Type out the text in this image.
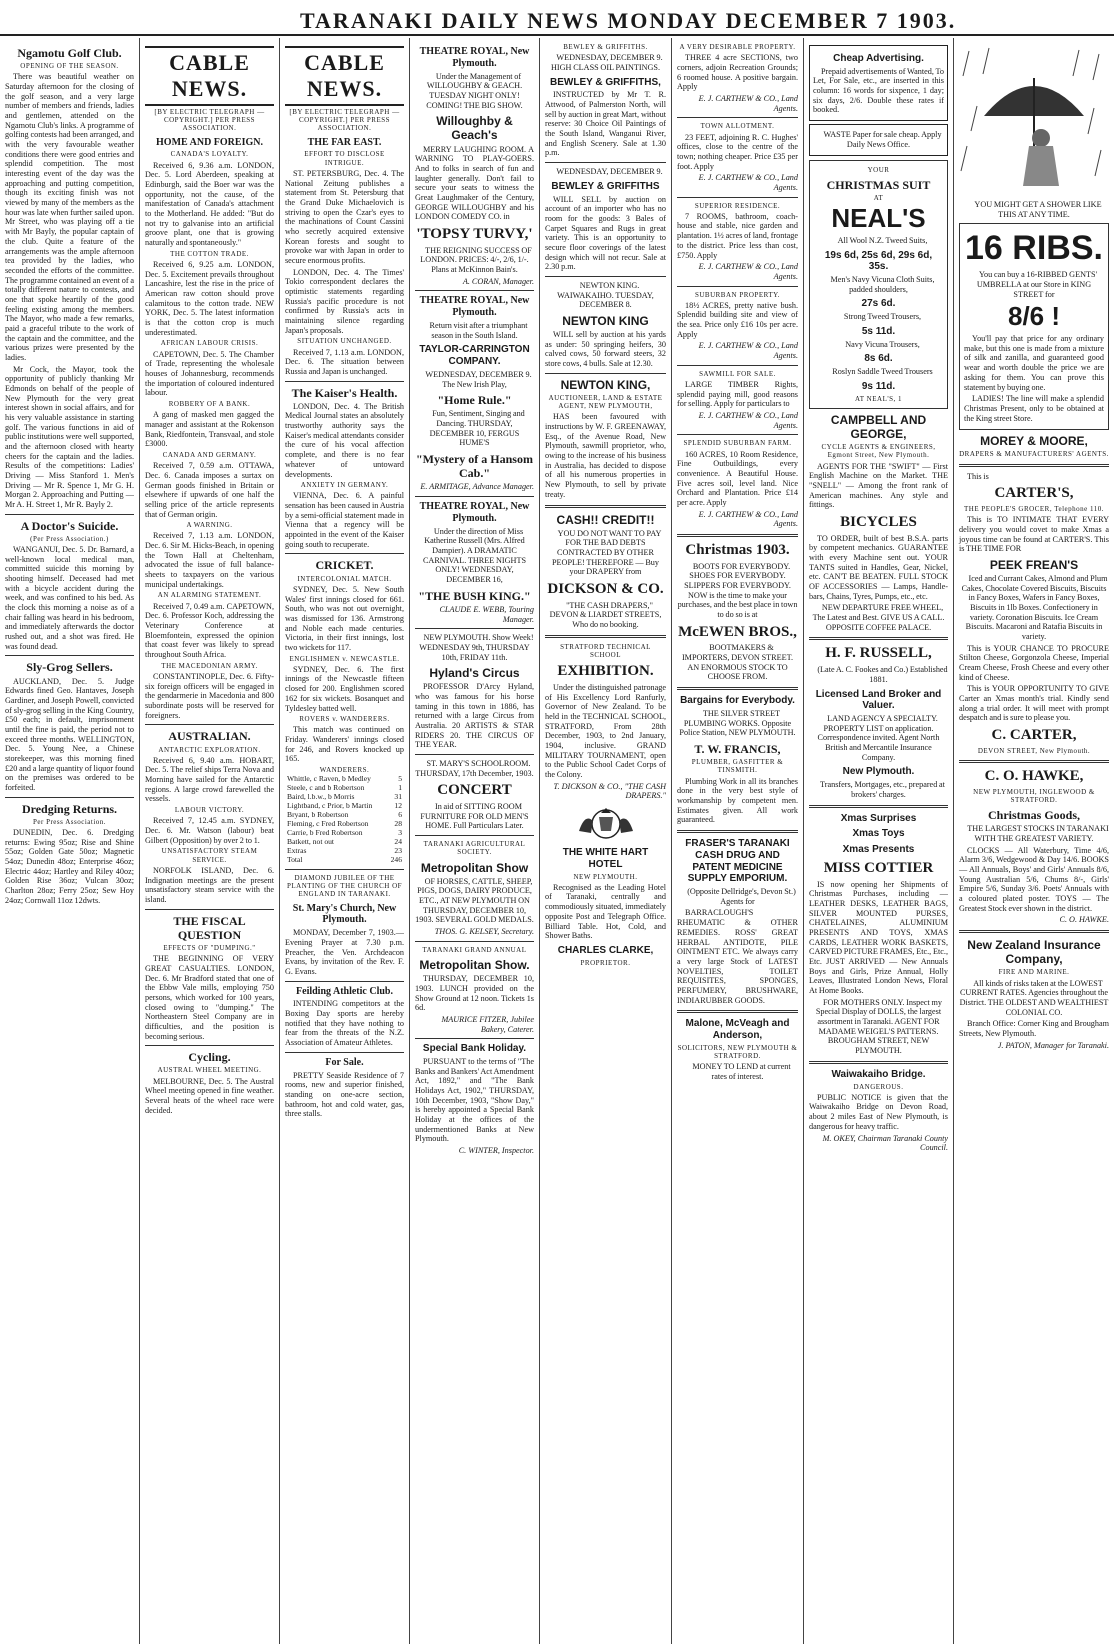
TARANAKI DAILY NEWS MONDAY DECEMBER 7 1903.
Ngamotu Golf Club.
OPENING OF THE SEASON.
There was beautiful weather on Saturday afternoon for the closing of the golf season, and a very large number of members and friends, ladies and gentlemen, attended on the Ngamotu Club's links. A programme of golfing contests had been arranged, and with the very favourable weather conditions there were good entries and splendid competition. The most interesting event of the day was the approaching and putting competition, though its exciting finish was not viewed by many of the members as the hour was late when further sailed upon. Mr Street, who was playing off a tie with Mr Bayly, the popular captain of the club. Quite a feature of the arrangements was the ample afternoon tea provided by the ladies, who seconded the efforts of the committee. The programme contained an event of a totally different nature to contests, and one that spoke heartily of the good feeling existing among the members. The Mayor, who made a few remarks, paid a graceful tribute to the work of the captain and the committee, and the various prizes were presented by the ladies.
Mr Cock, the Mayor, took the opportunity of publicly thanking Mr Edmonds on behalf of the people of New Plymouth for the very great interest shown in social affairs, and for his very valuable assistance in starting golf. The various functions in aid of public institutions were well supported, and the afternoon closed with hearty cheers for the captain and the ladies. Results of the competitions: Ladies' Driving — Miss Stanford 1. Men's Driving — Mr R. Spence 1, Mr G. H. Morgan 2. Approaching and Putting — Mr A. H. Street 1, Mr R. Bayly 2.
A Doctor's Suicide.
(Per Press Association.)
WANGANUI, Dec. 5. Dr. Barnard, a well-known local medical man, committed suicide this morning by shooting himself. Deceased had met with a bicycle accident during the week, and was confined to his bed. As the clock this morning a noise as of a chair falling was heard in his bedroom, and immediately afterwards the doctor rushed out, and a shot was fired. He was found dead.
Sly-Grog Sellers.
AUCKLAND, Dec. 5. Judge Edwards fined Geo. Hantaves, Joseph Gardiner, and Joseph Powell, convicted of sly-grog selling in the King Country, £50 each; in default, imprisonment until the fine is paid, the period not to exceed three months. WELLINGTON, Dec. 5. Young Nee, a Chinese storekeeper, was this morning fined £20 and a large quantity of liquor found on the premises was ordered to be forfeited.
Dredging Returns.
Per Press Association.
DUNEDIN, Dec. 6. Dredging returns: Ewing 95oz; Rise and Shine 55oz; Golden Gate 50oz; Magnetic 54oz; Dunedin 48oz; Enterprise 46oz; Electric 44oz; Hartley and Riley 40oz; Golden Rise 36oz; Vulcan 30oz; Charlton 28oz; Ferry 25oz; Sew Hoy 24oz; Cornwall 11oz 12dwts.
CABLE NEWS.
[BY ELECTRIC TELEGRAPH — COPYRIGHT.] PER PRESS ASSOCIATION.
HOME AND FOREIGN.
CANADA'S LOYALTY.
Received 6, 9.36 a.m. LONDON, Dec. 5. Lord Aberdeen, speaking at Edinburgh, said the Boer war was the opportunity, not the cause, of the manifestation of Canada's attachment to the Motherland. He added: "But do not try to galvanise into an artificial groove plant, one that is growing naturally and spontaneously."
THE COTTON TRADE.
Received 6, 9.25 a.m. LONDON, Dec. 5. Excitement prevails throughout Lancashire, lest the rise in the price of American raw cotton should prove calamitous to the cotton trade. NEW YORK, Dec. 5. The latest information is that the cotton crop is much underestimated.
AFRICAN LABOUR CRISIS.
CAPETOWN, Dec. 5. The Chamber of Trade, representing the wholesale houses of Johannesburg, recommends the importation of coloured indentured labour.
ROBBERY OF A BANK.
A gang of masked men gagged the manager and assistant at the Rokenson Bank, Riedfontein, Transvaal, and stole £3000.
CANADA AND GERMANY.
Received 7, 0.59 a.m. OTTAWA, Dec. 6. Canada imposes a surtax on German goods finished in Britain or elsewhere if upwards of one half the selling price of the article represents that of German origin.
A WARNING.
Received 7, 1.13 a.m. LONDON, Dec. 6. Sir M. Hicks-Beach, in opening the Town Hall at Cheltenham, advocated the issue of full balance-sheets to taxpayers on the various municipal undertakings.
AN ALARMING STATEMENT.
Received 7, 0.49 a.m. CAPETOWN, Dec. 6. Professor Koch, addressing the Veterinary Conference at Bloemfontein, expressed the opinion that coast fever was likely to spread throughout South Africa.
THE MACEDONIAN ARMY.
CONSTANTINOPLE, Dec. 6. Fifty-six foreign officers will be engaged in the gendarmerie in Macedonia and 800 subordinate posts will be reserved for foreigners.
AUSTRALIAN.
ANTARCTIC EXPLORATION.
Received 6, 9.40 a.m. HOBART, Dec. 5. The relief ships Terra Nova and Morning have sailed for the Antarctic regions. A large crowd farewelled the vessels.
LABOUR VICTORY.
Received 7, 12.45 a.m. SYDNEY, Dec. 6. Mr. Watson (labour) beat Gilbert (Opposition) by over 2 to 1.
UNSATISFACTORY STEAM SERVICE.
NORFOLK ISLAND, Dec. 6. Indignation meetings are the present unsatisfactory steam service with the island.
THE FISCAL QUESTION
EFFECTS OF "DUMPING."
THE BEGINNING OF VERY GREAT CASUALTIES. LONDON, Dec. 6. Mr Bradford stated that one of the Ebbw Vale mills, employing 750 persons, which worked for 100 years, closed owing to "dumping." The Northeastern Steel Company are in difficulties, and the position is becoming serious.
Cycling.
AUSTRAL WHEEL MEETING.
MELBOURNE, Dec. 5. The Austral Wheel meeting opened in fine weather. Several heats of the wheel race were decided.
CABLE NEWS.
[BY ELECTRIC TELEGRAPH — COPYRIGHT.] PER PRESS ASSOCIATION.
THE FAR EAST.
EFFORT TO DISCLOSE INTRIGUE.
ST. PETERSBURG, Dec. 4. The National Zeitung publishes a statement from St. Petersburg that the Grand Duke Michaelovich is striving to open the Czar's eyes to the machinations of Count Cassini who secretly acquired extensive Korean forests and sought to provoke war with Japan in order to secure enormous profits.
LONDON, Dec. 4. The Times' Tokio correspondent declares the optimistic statements regarding Russia's pacific procedure is not confirmed by Russia's acts in maintaining silence regarding Japan's proposals.
SITUATION UNCHANGED.
Received 7, 1.13 a.m. LONDON, Dec. 6. The situation between Russia and Japan is unchanged.
The Kaiser's Health.
LONDON, Dec. 4. The British Medical Journal states an absolutely trustworthy authority says the Kaiser's medical attendants consider the cure of his vocal affection complete, and there is no fear whatever of untoward developments.
ANXIETY IN GERMANY.
VIENNA, Dec. 6. A painful sensation has been caused in Austria by a semi-official statement made in Vienna that a regency will be appointed in the event of the Kaiser going south to recuperate.
CRICKET.
INTERCOLONIAL MATCH.
SYDNEY, Dec. 5. New South Wales' first innings closed for 661. South, who was not out overnight, was dismissed for 136. Armstrong and Noble each made centuries. Victoria, in their first innings, lost two wickets for 117.
ENGLISHMEN v. NEWCASTLE.
SYDNEY, Dec. 6. The first innings of the Newcastle fifteen closed for 200. Englishmen scored 162 for six wickets. Bosanquet and Tyldesley batted well.
ROVERS v. WANDERERS.
This match was continued on Friday. Wanderers' innings closed for 246, and Rovers knocked up 165.
WANDERERS.
Whittle, c Raven, b Medley	5
Steele, c and b Robertson	1
Baird, l.b.w., b Morris	31
Lightband, c Prior, b Martin	12
Bryant, b Robertson	6
Fleming, c Fred Robertson	28
Carrie, b Fred Robertson	3
Batkett, not out	24
Extras	23
Total	246
DIAMOND JUBILEE OF THE PLANTING OF THE CHURCH OF ENGLAND IN TARANAKI.
St. Mary's Church, New Plymouth.
MONDAY, December 7, 1903.— Evening Prayer at 7.30 p.m. Preacher, the Ven. Archdeacon Evans, by invitation of the Rev. F. G. Evans.
Feilding Athletic Club.
INTENDING competitors at the Boxing Day sports are hereby notified that they have nothing to fear from the threats of the N.Z. Association of Amateur Athletes.
For Sale.
PRETTY Seaside Residence of 7 rooms, new and superior finished, standing on one-acre section, bathroom, hot and cold water, gas, three stalls.
THEATRE ROYAL, New Plymouth.
Under the Management of WILLOUGHBY & GEACH. TUESDAY NIGHT ONLY! COMING! THE BIG SHOW.
Willoughby & Geach's
MERRY LAUGHING ROOM. A WARNING TO PLAY-GOERS. And to folks in search of fun and laughter generally. Don't fail to secure your seats to witness the Great Laughmaker of the Century, GEORGE WILLOUGHBY and his LONDON COMEDY CO. in
'TOPSY TURVY,'
THE REIGNING SUCCESS OF LONDON. PRICES: 4/-, 2/6, 1/-. Plans at McKinnon Bain's.
A. CORAN, Manager.
THEATRE ROYAL, New Plymouth.
Return visit after a triumphant season in the South Island.
TAYLOR-CARRINGTON COMPANY.
WEDNESDAY, DECEMBER 9. The New Irish Play,
"Home Rule."
Fun, Sentiment, Singing and Dancing. THURSDAY, DECEMBER 10, FERGUS HUME'S
"Mystery of a Hansom Cab."
E. ARMITAGE, Advance Manager.
THEATRE ROYAL, New Plymouth.
Under the direction of Miss Katherine Russell (Mrs. Alfred Dampier). A DRAMATIC CARNIVAL. THREE NIGHTS ONLY! WEDNESDAY, DECEMBER 16,
"THE BUSH KING."
CLAUDE E. WEBB, Touring Manager.
NEW PLYMOUTH. Show Week! WEDNESDAY 9th, THURSDAY 10th, FRIDAY 11th.
Hyland's Circus
PROFESSOR D'Arcy Hyland, who was famous for his horse taming in this town in 1886, has returned with a large Circus from Australia. 20 ARTISTS & STAR RIDERS 20. THE CIRCUS OF THE YEAR.
ST. MARY'S SCHOOLROOM. THURSDAY, 17th December, 1903.
CONCERT
In aid of SITTING ROOM FURNITURE FOR OLD MEN'S HOME. Full Particulars Later.
TARANAKI AGRICULTURAL SOCIETY.
Metropolitan Show
OF HORSES, CATTLE, SHEEP, PIGS, DOGS, DAIRY PRODUCE, ETC., AT NEW PLYMOUTH ON THURSDAY, DECEMBER 10, 1903. SEVERAL GOLD MEDALS.
THOS. G. KELSEY, Secretary.
TARANAKI GRAND ANNUAL
Metropolitan Show.
THURSDAY, DECEMBER 10, 1903. LUNCH provided on the Show Ground at 12 noon. Tickets 1s 6d.
MAURICE FITZER, Jubilee Bakery, Caterer.
Special Bank Holiday.
PURSUANT to the terms of "The Banks and Bankers' Act Amendment Act, 1892," and "The Bank Holidays Act, 1902," THURSDAY, 10th December, 1903, "Show Day," is hereby appointed a Special Bank Holiday at the offices of the undermentioned Banks at New Plymouth.
C. WINTER, Inspector.
BEWLEY & GRIFFITHS.
WEDNESDAY, DECEMBER 9. HIGH CLASS OIL PAINTINGS.
BEWLEY & GRIFFITHS,
INSTRUCTED by Mr T. R. Attwood, of Palmerston North, will sell by auction in great Mart, without reserve: 30 Choice Oil Paintings of the South Island, Wanganui River, and English Scenery. Sale at 1.30 p.m.
WEDNESDAY, DECEMBER 9.
BEWLEY & GRIFFITHS
WILL SELL by auction on account of an importer who has no room for the goods: 3 Bales of Carpet Squares and Rugs in great variety. This is an opportunity to secure floor coverings of the latest design which will not recur. Sale at 2.30 p.m.
NEWTON KING. WAIWAKAIHO. TUESDAY, DECEMBER 8.
NEWTON KING
WILL sell by auction at his yards as under: 50 springing heifers, 30 calved cows, 50 forward steers, 32 store cows, 4 bulls. Sale at 12.30.
NEWTON KING,
AUCTIONEER, LAND & ESTATE AGENT, NEW PLYMOUTH,
HAS been favoured with instructions by W. F. GREENAWAY, Esq., of the Avenue Road, New Plymouth, sawmill proprietor, who, owing to the increase of his business in Australia, has decided to dispose of all his numerous properties in New Plymouth, to sell by private treaty.
CASH!! CREDIT!!
YOU DO NOT WANT TO PAY FOR THE BAD DEBTS CONTRACTED BY OTHER PEOPLE! THEREFORE — Buy your DRAPERY from
DICKSON & CO.
"THE CASH DRAPERS," DEVON & LIARDET STREETS, Who do no booking.
STRATFORD TECHNICAL SCHOOL
EXHIBITION.
Under the distinguished patronage of His Excellency Lord Ranfurly, Governor of New Zealand. To be held in the TECHNICAL SCHOOL, STRATFORD, From 28th December, 1903, to 2nd January, 1904, inclusive. GRAND MILITARY TOURNAMENT, open to the Public School Cadet Corps of the Colony.
T. DICKSON & CO., "THE CASH DRAPERS."
THE WHITE HART HOTEL
NEW PLYMOUTH.
Recognised as the Leading Hotel of Taranaki, centrally and commodiously situated, immediately opposite Post and Telegraph Office. Billiard Table. Hot, Cold, and Shower Baths.
CHARLES CLARKE,
PROPRIETOR.
A VERY DESIRABLE PROPERTY.
THREE 4 acre SECTIONS, two corners, adjoin Recreation Grounds; 6 roomed house. A positive bargain. Apply
E. J. CARTHEW & CO., Land Agents.
TOWN ALLOTMENT.
23 FEET, adjoining R. C. Hughes' offices, close to the centre of the town; nothing cheaper. Price £35 per foot. Apply
E. J. CARTHEW & CO., Land Agents.
SUPERIOR RESIDENCE.
7 ROOMS, bathroom, coach-house and stable, nice garden and plantation. 1½ acres of land, frontage to the district. Price less than cost, £750. Apply
E. J. CARTHEW & CO., Land Agents.
SUBURBAN PROPERTY.
18½ ACRES, pretty native bush. Splendid building site and view of the sea. Price only £16 10s per acre. Apply
E. J. CARTHEW & CO., Land Agents.
SAWMILL FOR SALE.
LARGE TIMBER Rights, splendid paying mill, good reasons for selling. Apply for particulars to
E. J. CARTHEW & CO., Land Agents.
SPLENDID SUBURBAN FARM.
160 ACRES, 10 Room Residence, Fine Outbuildings, every convenience. A Beautiful House. Five acres soil, level land. Nice Orchard and Plantation. Price £14 per acre. Apply
E. J. CARTHEW & CO., Land Agents.
Christmas 1903.
BOOTS FOR EVERYBODY. SHOES FOR EVERYBODY. SLIPPERS FOR EVERYBODY. NOW is the time to make your purchases, and the best place in town to do so is at
McEWEN BROS.,
BOOTMAKERS & IMPORTERS, DEVON STREET. AN ENORMOUS STOCK TO CHOOSE FROM.
Bargains for Everybody.
THE SILVER STREET PLUMBING WORKS. Opposite Police Station, NEW PLYMOUTH.
T. W. FRANCIS,
PLUMBER, GASFITTER & TINSMITH.
Plumbing Work in all its branches done in the very best style of workmanship by competent men. Estimates given. All work guaranteed.
FRASER'S TARANAKI CASH DRUG AND PATENT MEDICINE SUPPLY EMPORIUM.
(Opposite Dellridge's, Devon St.) Agents for
BARRACLOUGH'S RHEUMATIC & OTHER REMEDIES. ROSS' GREAT HERBAL ANTIDOTE, PILE OINTMENT ETC. We always carry a very large Stock of LATEST NOVELTIES, TOILET REQUISITES, SPONGES, PERFUMERY, BRUSHWARE, INDIARUBBER GOODS.
Malone, McVeagh and Anderson,
SOLICITORS, NEW PLYMOUTH & STRATFORD.
MONEY TO LEND at current rates of interest.
Cheap Advertising.
Prepaid advertisements of Wanted, To Let, For Sale, etc., are inserted in this column: 16 words for sixpence, 1 day; six days, 2/6. Double these rates if booked.
WASTE Paper for sale cheap. Apply Daily News Office.
YOUR
CHRISTMAS SUIT
AT
NEAL'S
All Wool N.Z. Tweed Suits,
19s 6d, 25s 6d, 29s 6d, 35s.
Men's Navy Vicuna Cloth Suits, padded shoulders,
27s 6d.
Strong Tweed Trousers,
5s 11d.
Navy Vicuna Trousers,
8s 6d.
Roslyn Saddle Tweed Trousers
9s 11d.
AT NEAL'S, 1
CAMPBELL AND GEORGE,
CYCLE AGENTS & ENGINEERS, Egmont Street, New Plymouth.
AGENTS FOR THE "SWIFT" — First English Machine on the Market. THE "SNELL" — Among the front rank of American machines. Any style and fittings.
BICYCLES
TO ORDER, built of best B.S.A. parts by competent mechanics. GUARANTEE with every Machine sent out. YOUR TANTS suited in Handles, Gear, Nickel, etc. CAN'T BE BEATEN. FULL STOCK OF ACCESSORIES — Lamps, Handle-bars, Chains, Tyres, Pumps, etc., etc.
NEW DEPARTURE FREE WHEEL, The Latest and Best. GIVE US A CALL. OPPOSITE COFFEE PALACE.
H. F. RUSSELL,
(Late A. C. Fookes and Co.) Established 1881.
Licensed Land Broker and Valuer.
LAND AGENCY A SPECIALTY. PROPERTY LIST on application. Correspondence invited. Agent North British and Mercantile Insurance Company.
New Plymouth.
Transfers, Mortgages, etc., prepared at brokers' charges.
Xmas Surprises
Xmas Toys
Xmas Presents
MISS COTTIER
IS now opening her Shipments of Christmas Purchases, including — LEATHER DESKS, LEATHER BAGS, SILVER MOUNTED PURSES, CHATELAINES, ALUMINIUM PRESENTS AND TOYS, XMAS CARDS, LEATHER WORK BASKETS, CARVED PICTURE FRAMES, Etc., Etc., Etc. JUST ARRIVED — New Annuals Boys and Girls, Prize Annual, Holly Leaves, Illustrated London News, Floral At Home Books.
FOR MOTHERS ONLY. Inspect my Special Display of DOLLS, the largest assortment in Taranaki. AGENT FOR MADAME WEIGEL'S PATTERNS. BROUGHAM STREET, NEW PLYMOUTH.
Waiwakaiho Bridge.
DANGEROUS.
PUBLIC NOTICE is given that the Waiwakaiho Bridge on Devon Road, about 2 miles East of New Plymouth, is dangerous for heavy traffic.
M. OKEY, Chairman Taranaki County Council.
YOU MIGHT GET A SHOWER LIKE THIS AT ANY TIME.
16 RIBS.
You can buy a 16-RIBBED GENTS' UMBRELLA at our Store in KING STREET for
8/6 !
You'll pay that price for any ordinary make, but this one is made from a mixture of silk and zanilla, and guaranteed good wear and worth double the price we are asking for them. You can prove this statement by buying one.
LADIES! The line will make a splendid Christmas Present, only to be obtained at the King street Store.
MOREY & MOORE,
DRAPERS & MANUFACTURERS' AGENTS.
This is
CARTER'S,
THE PEOPLE'S GROCER, Telephone 110.
This is TO INTIMATE THAT EVERY delivery you would covet to make Xmas a joyous time can be found at CARTER'S. This is THE TIME FOR
PEEK FREAN'S
Iced and Currant Cakes, Almond and Plum Cakes, Chocolate Covered Biscuits, Biscuits in Fancy Boxes, Wafers in Fancy Boxes, Biscuits in 1lb Boxes. Confectionery in variety. Coronation Biscuits. Ice Cream Biscuits. Macaroni and Ratafia Biscuits in variety.
This is YOUR CHANCE TO PROCURE Stilton Cheese, Gorgonzola Cheese, Imperial Cream Cheese, Frosh Cheese and every other kind of Cheese.
This is YOUR OPPORTUNITY TO GIVE Carter an Xmas month's trial. Kindly send along a trial order. It will meet with prompt despatch and is sure to please you.
C. CARTER,
DEVON STREET, New Plymouth.
C. O. HAWKE,
NEW PLYMOUTH, INGLEWOOD & STRATFORD.
Christmas Goods,
THE LARGEST STOCKS IN TARANAKI WITH THE GREATEST VARIETY.
CLOCKS — All Waterbury, Time 4/6, Alarm 3/6, Wedgewood & Day 14/6. BOOKS — All Annuals, Boys' and Girls' Annuals 8/6, Young Australian 5/6, Chums 8/-, Girls' Empire 5/6, Sunday 3/6. Poets' Annuals with a coloured plated poster. TOYS — The Greatest Stock ever shown in the district.
C. O. HAWKE.
New Zealand Insurance Company,
FIRE AND MARINE.
All kinds of risks taken at the LOWEST CURRENT RATES. Agencies throughout the District. THE OLDEST AND WEALTHIEST COLONIAL CO.
Branch Office: Corner King and Brougham Streets, New Plymouth.
J. PATON, Manager for Taranaki.
